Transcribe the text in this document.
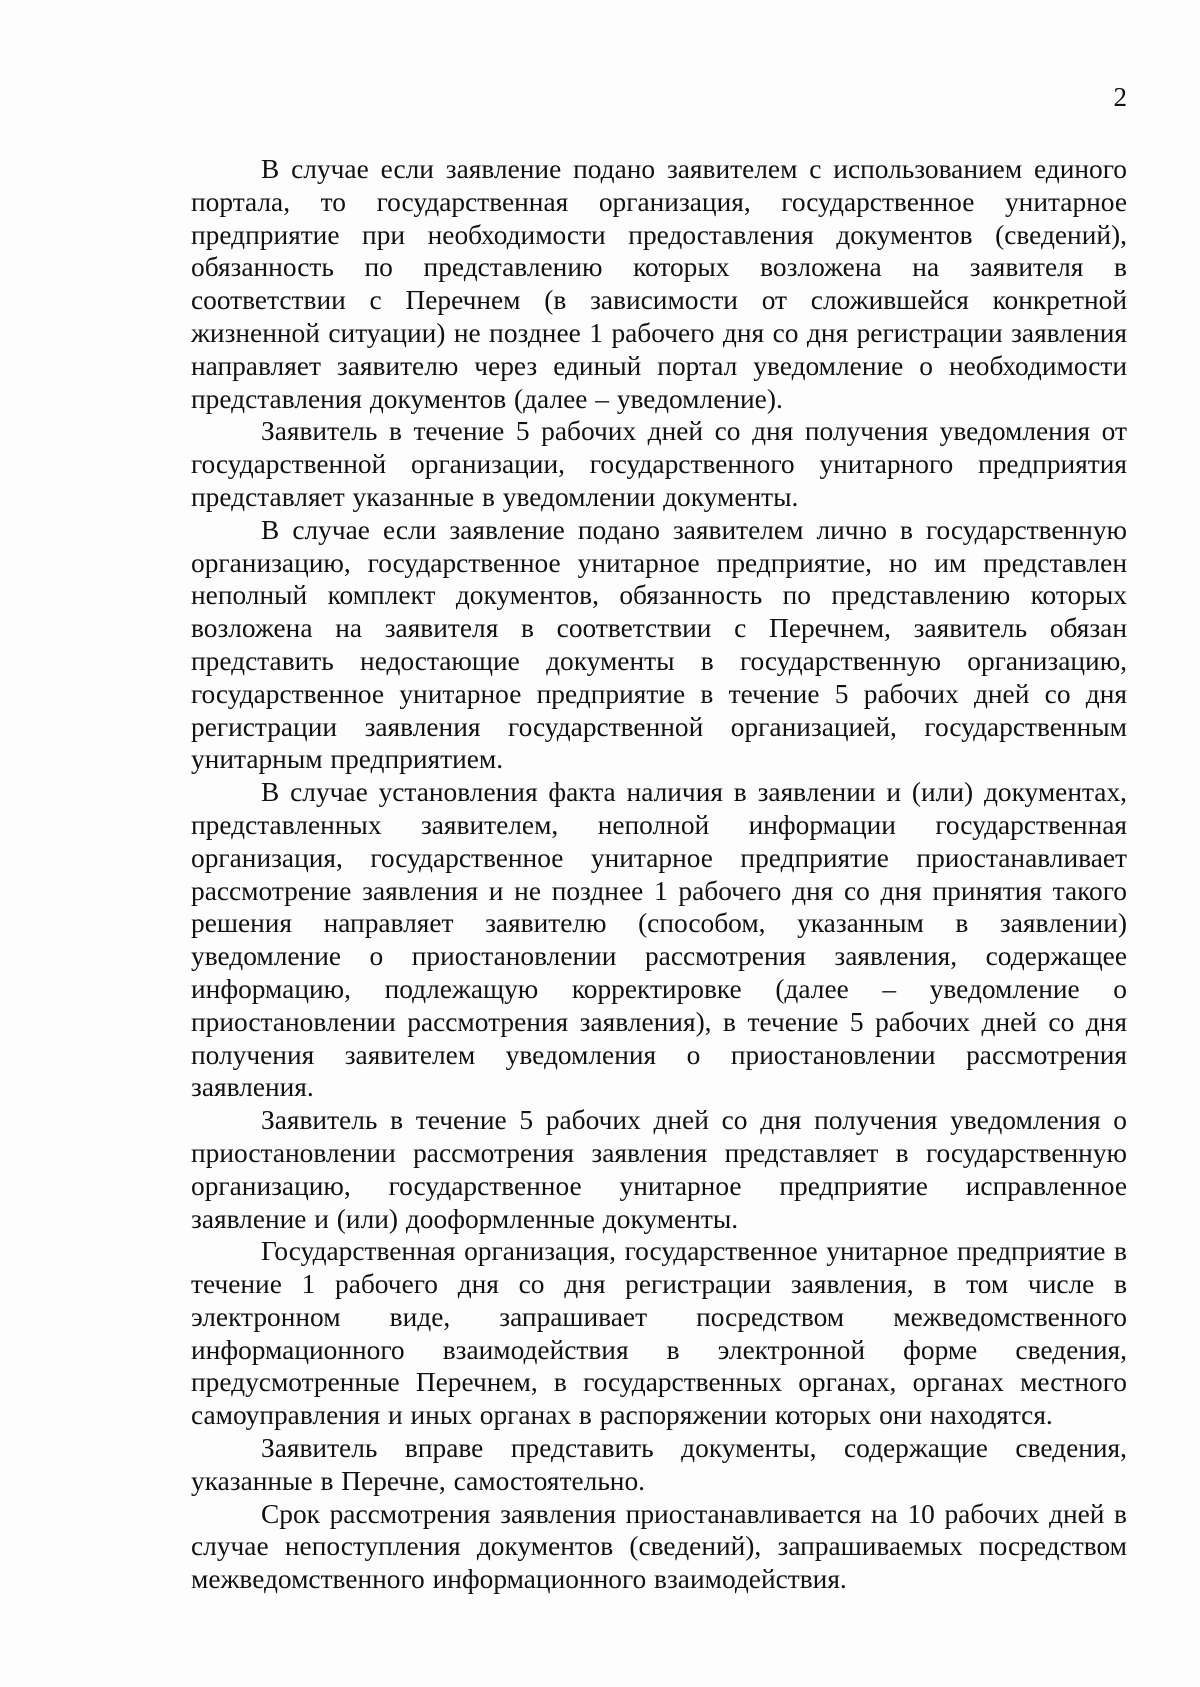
2

В случае если заявление подано заявителем с использованием единого портала, то государственная организация, государственное унитарное предприятие при необходимости предоставления документов (сведений), обязанность по представлению которых возложена на заявителя в соответствии с Перечнем (в зависимости от сложившейся конкретной жизненной ситуации) не позднее 1 рабочего дня со дня регистрации заявления направляет заявителю через единый портал уведомление о необходимости представления документов (далее – уведомление).

Заявитель в течение 5 рабочих дней со дня получения уведомления от государственной организации, государственного унитарного предприятия представляет указанные в уведомлении документы.

В случае если заявление подано заявителем лично в государственную организацию, государственное унитарное предприятие, но им представлен неполный комплект документов, обязанность по представлению которых возложена на заявителя в соответствии с Перечнем, заявитель обязан представить недостающие документы в государственную организацию, государственное унитарное предприятие в течение 5 рабочих дней со дня регистрации заявления государственной организацией, государственным унитарным предприятием.

В случае установления факта наличия в заявлении и (или) документах, представленных заявителем, неполной информации государственная организация, государственное унитарное предприятие приостанавливает рассмотрение заявления и не позднее 1 рабочего дня со дня принятия такого решения направляет заявителю (способом, указанным в заявлении) уведомление о приостановлении рассмотрения заявления, содержащее информацию, подлежащую корректировке (далее – уведомление о приостановлении рассмотрения заявления), в течение 5 рабочих дней со дня получения заявителем уведомления о приостановлении рассмотрения заявления.

Заявитель в течение 5 рабочих дней со дня получения уведомления о приостановлении рассмотрения заявления представляет в государственную организацию, государственное унитарное предприятие исправленное заявление и (или) дооформленные документы.

Государственная организация, государственное унитарное предприятие в течение 1 рабочего дня со дня регистрации заявления, в том числе в электронном виде, запрашивает посредством межведомственного информационного взаимодействия в электронной форме сведения, предусмотренные Перечнем, в государственных органах, органах местного самоуправления и иных органах в распоряжении которых они находятся.

Заявитель вправе представить документы, содержащие сведения, указанные в Перечне, самостоятельно.

Срок рассмотрения заявления приостанавливается на 10 рабочих дней в случае непоступления документов (сведений), запрашиваемых посредством межведомственного информационного взаимодействия.
